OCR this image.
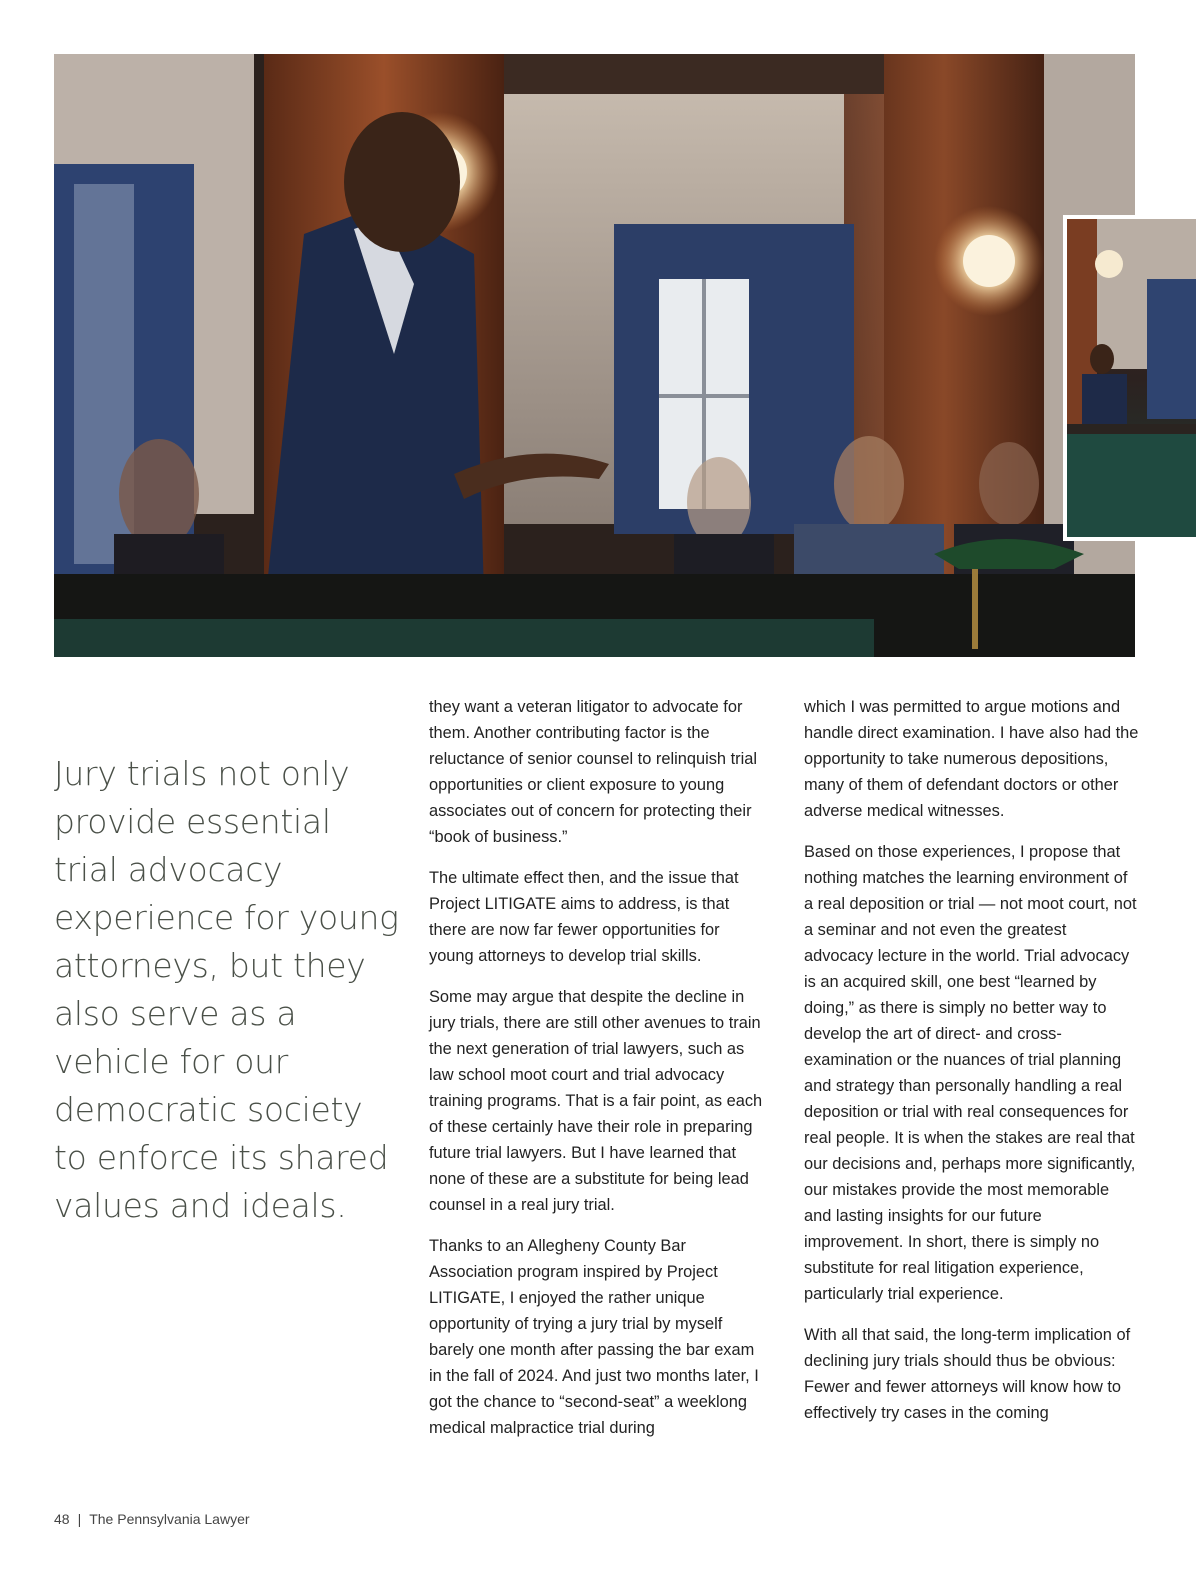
Jury trials not only provide essential trial advocacy experience for young attorneys, but they also serve as a vehicle for our democratic society to enforce its shared values and ideals.

they want a veteran litigator to advocate for them. Another contributing factor is the reluctance of senior counsel to relinquish trial opportunities or client exposure to young associates out of concern for protecting their “book of business.”

The ultimate effect then, and the issue that Project LITIGATE aims to address, is that there are now far fewer opportunities for young attorneys to develop trial skills.

Some may argue that despite the decline in jury trials, there are still other avenues to train the next generation of trial lawyers, such as law school moot court and trial advocacy training programs. That is a fair point, as each of these certainly have their role in preparing future trial lawyers. But I have learned that none of these are a substitute for being lead counsel in a real jury trial.

Thanks to an Allegheny County Bar Association program inspired by Project LITIGATE, I enjoyed the rather unique opportunity of trying a jury trial by myself barely one month after passing the bar exam in the fall of 2024. And just two months later, I got the chance to “second-seat” a weeklong medical malpractice trial during

which I was permitted to argue motions and handle direct examination. I have also had the opportunity to take numerous depositions, many of them of defendant doctors or other adverse medical witnesses.

Based on those experiences, I propose that nothing matches the learning environment of a real deposition or trial — not moot court, not a seminar and not even the greatest advocacy lecture in the world. Trial advocacy is an acquired skill, one best “learned by doing,” as there is simply no better way to develop the art of direct- and cross-examination or the nuances of trial planning and strategy than personally handling a real deposition or trial with real consequences for real people. It is when the stakes are real that our decisions and, perhaps more significantly, our mistakes provide the most memorable and lasting insights for our future improvement. In short, there is simply no substitute for real litigation experience, particularly trial experience.

With all that said, the long-term implication of declining jury trials should thus be obvious: Fewer and fewer attorneys will know how to effectively try cases in the coming

48 | The Pennsylvania Lawyer
